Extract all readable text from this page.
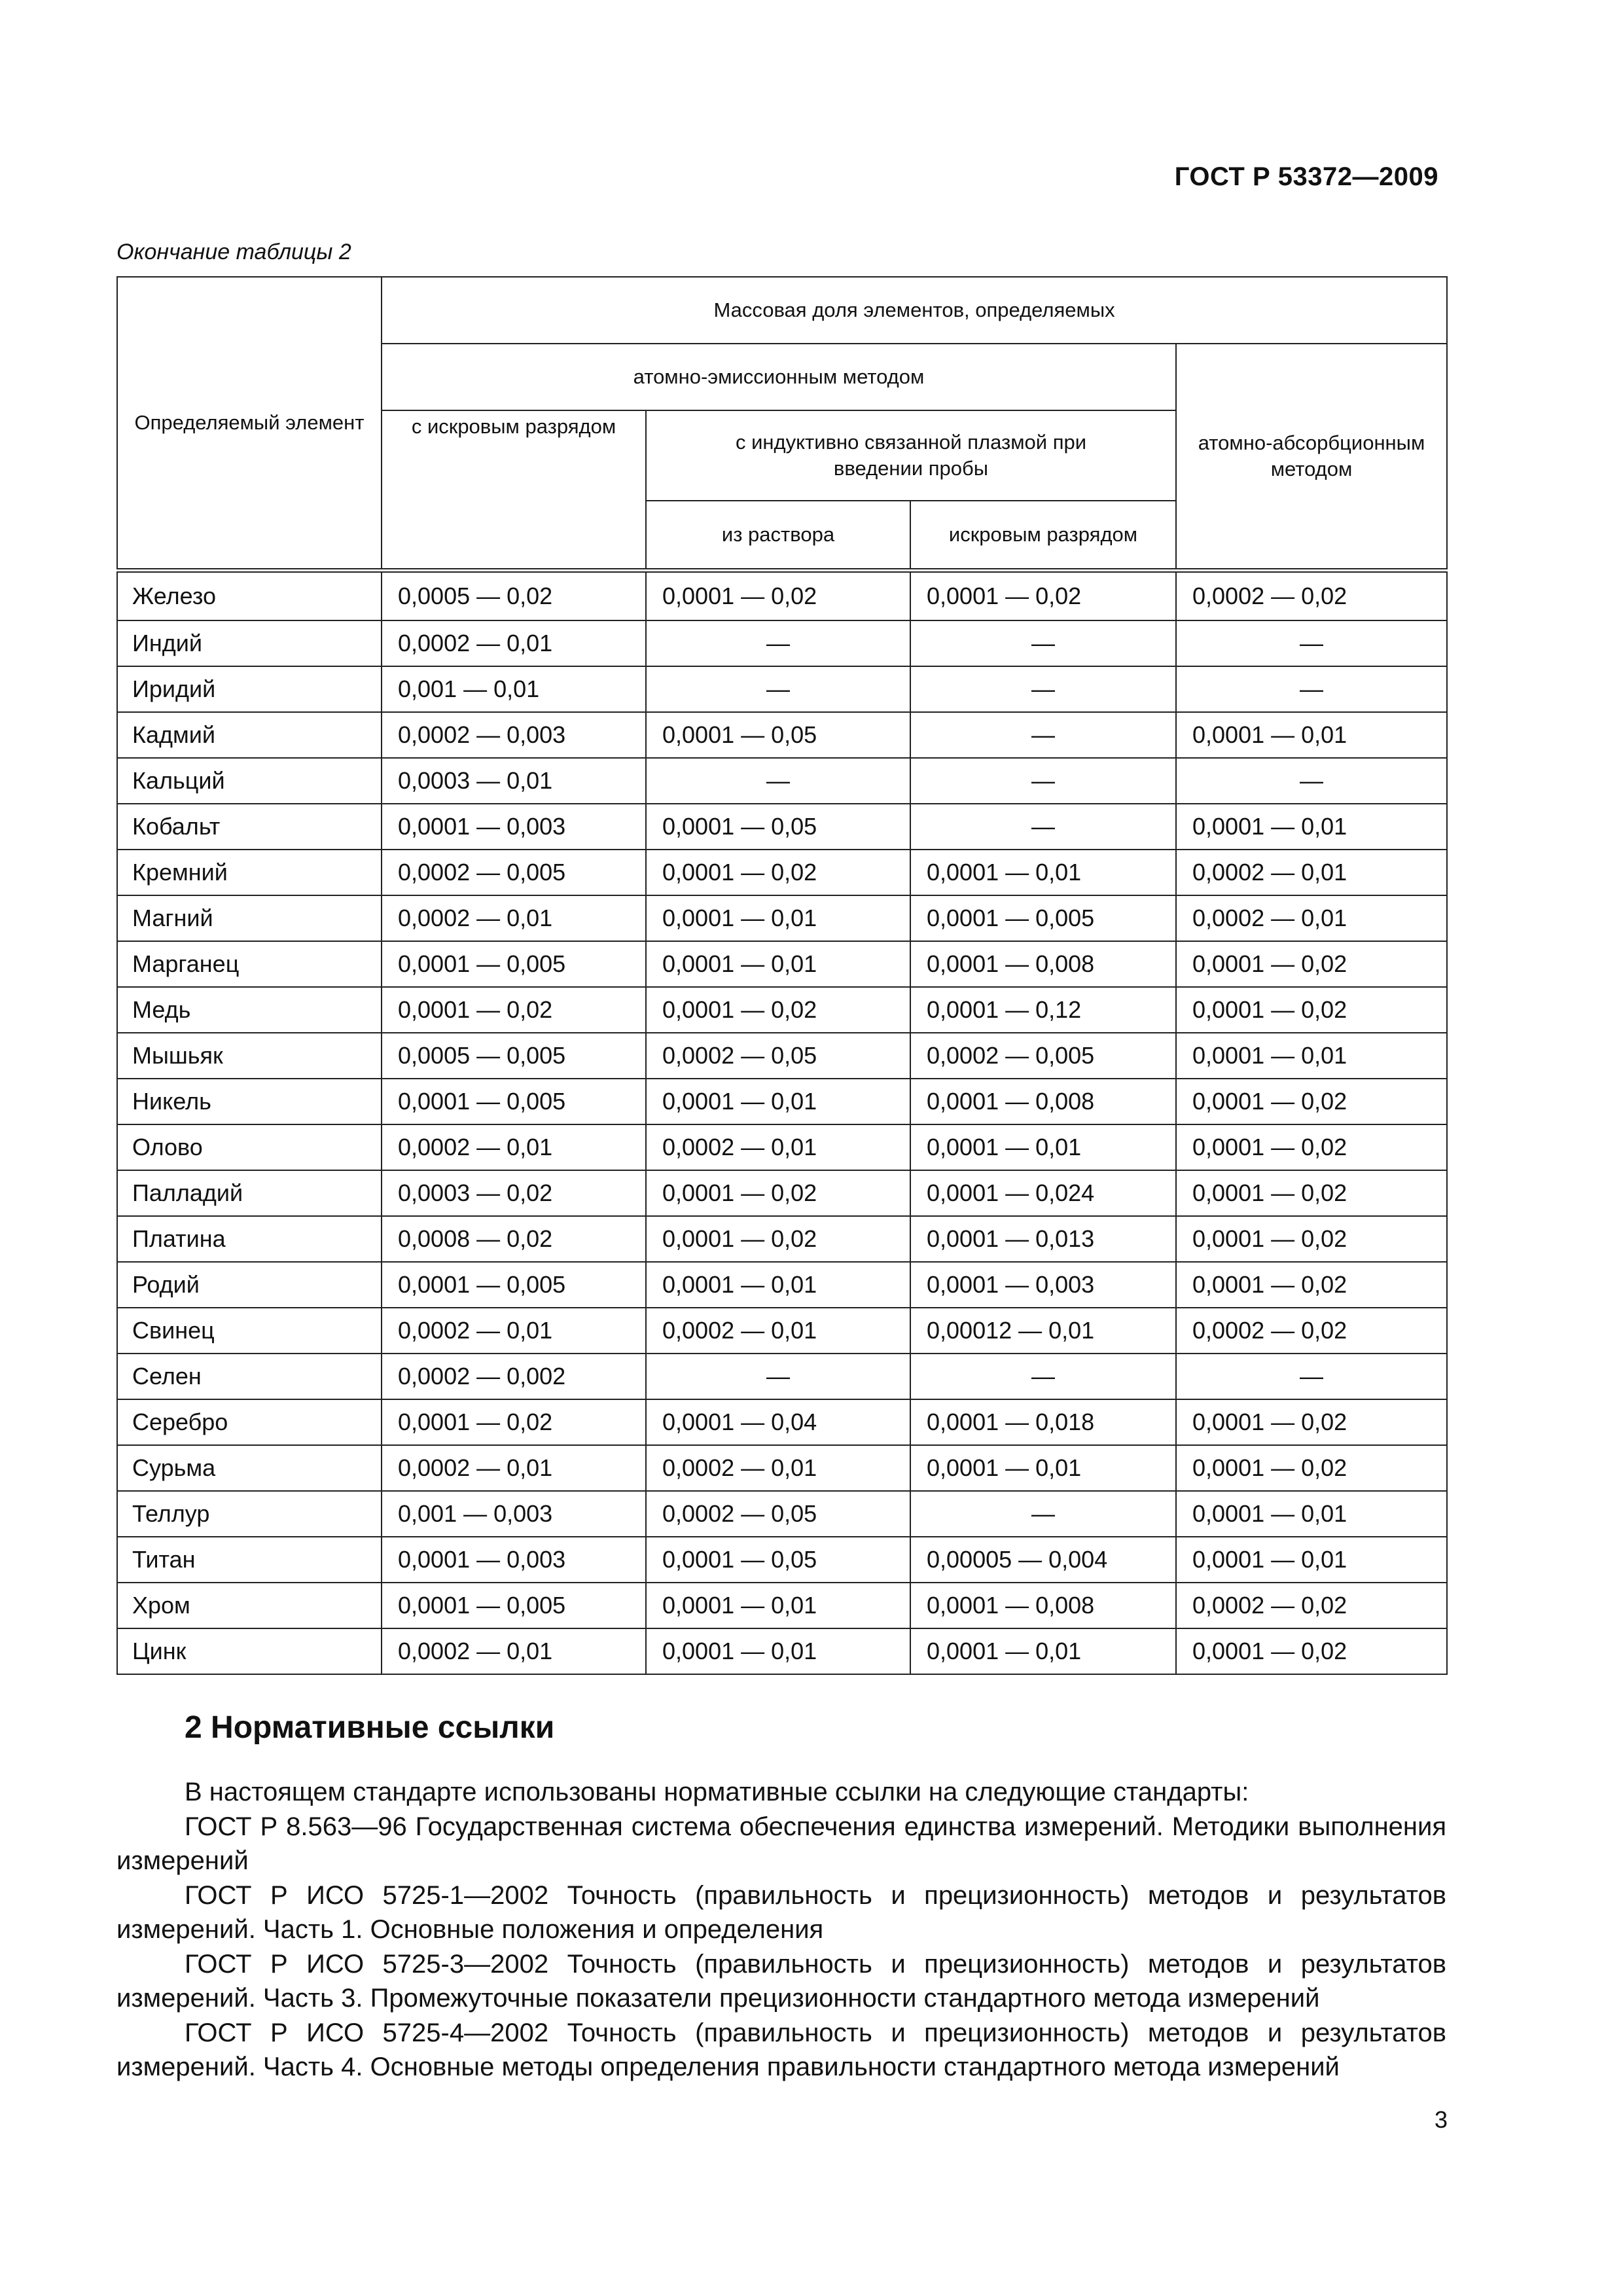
ГОСТ Р 53372—2009
Окончание таблицы 2
Определяемый элемент	Массовая доля элементов, определяемых			
	атомно-эмиссионным методом			атомно-абсорбционным методом

	с искровым разрядом	с индуктивно связанной плазмой при введении пробы		
		из раствора	искровым разрядом	
Железо	0,0005 — 0,02	0,0001 — 0,02	0,0001 — 0,02	0,0002 — 0,02
Индий	0,0002 — 0,01	—	—	—
Иридий	0,001 — 0,01	—	—	—
Кадмий	0,0002 — 0,003	0,0001 — 0,05	—	0,0001 — 0,01
Кальций	0,0003 — 0,01	—	—	—
Кобальт	0,0001 — 0,003	0,0001 — 0,05	—	0,0001 — 0,01
Кремний	0,0002 — 0,005	0,0001 — 0,02	0,0001 — 0,01	0,0002 — 0,01
Магний	0,0002 — 0,01	0,0001 — 0,01	0,0001 — 0,005	0,0002 — 0,01
Марганец	0,0001 — 0,005	0,0001 — 0,01	0,0001 — 0,008	0,0001 — 0,02
Медь	0,0001 — 0,02	0,0001 — 0,02	0,0001 — 0,12	0,0001 — 0,02
Мышьяк	0,0005 — 0,005	0,0002 — 0,05	0,0002 — 0,005	0,0001 — 0,01
Никель	0,0001 — 0,005	0,0001 — 0,01	0,0001 — 0,008	0,0001 — 0,02
Олово	0,0002 — 0,01	0,0002 — 0,01	0,0001 — 0,01	0,0001 — 0,02
Палладий	0,0003 — 0,02	0,0001 — 0,02	0,0001 — 0,024	0,0001 — 0,02
Платина	0,0008 — 0,02	0,0001 — 0,02	0,0001 — 0,013	0,0001 — 0,02
Родий	0,0001 — 0,005	0,0001 — 0,01	0,0001 — 0,003	0,0001 — 0,02
Свинец	0,0002 — 0,01	0,0002 — 0,01	0,00012 — 0,01	0,0002 — 0,02
Селен	0,0002 — 0,002	—	—	—
Серебро	0,0001 — 0,02	0,0001 — 0,04	0,0001 — 0,018	0,0001 — 0,02
Сурьма	0,0002 — 0,01	0,0002 — 0,01	0,0001 — 0,01	0,0001 — 0,02
Теллур	0,001 — 0,003	0,0002 — 0,05	—	0,0001 — 0,01
Титан	0,0001 — 0,003	0,0001 — 0,05	0,00005 — 0,004	0,0001 — 0,01
Хром	0,0001 — 0,005	0,0001 — 0,01	0,0001 — 0,008	0,0002 — 0,02
Цинк	0,0002 — 0,01	0,0001 — 0,01	0,0001 — 0,01	0,0001 — 0,02
2 Нормативные ссылки

В настоящем стандарте использованы нормативные ссылки на следующие стандарты:

ГОСТ Р 8.563—96 Государственная система обеспечения единства измерений. Методики выполнения измерений

ГОСТ Р ИСО 5725-1—2002 Точность (правильность и прецизионность) методов и результатов измерений. Часть 1. Основные положения и определения

ГОСТ Р ИСО 5725-3—2002 Точность (правильность и прецизионность) методов и результатов измерений. Часть 3. Промежуточные показатели прецизионности стандартного метода измерений

ГОСТ Р ИСО 5725-4—2002 Точность (правильность и прецизионность) методов и результатов измерений. Часть 4. Основные методы определения правильности стандартного метода измерений

3
